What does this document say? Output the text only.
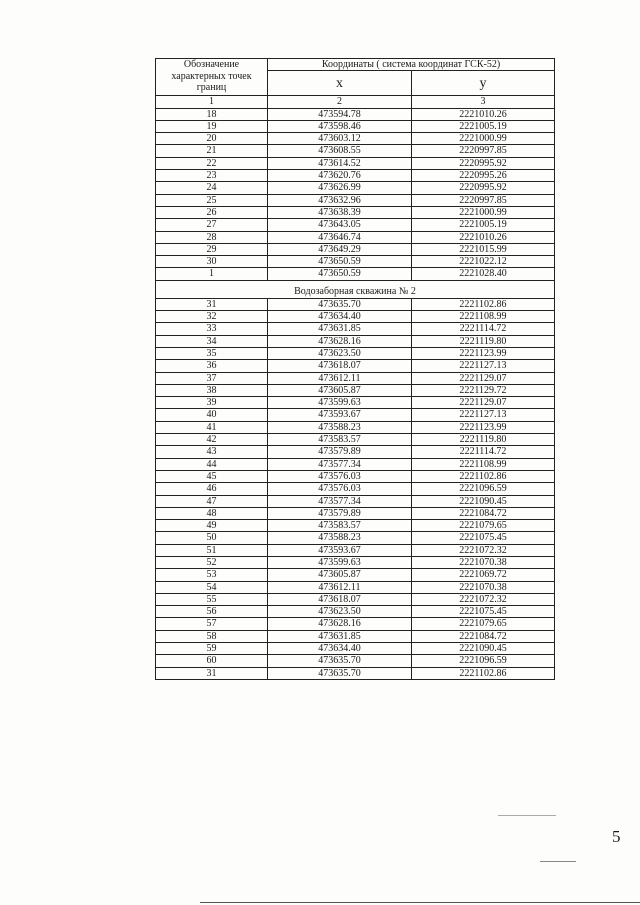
Обозначение характерных точек границ	Координаты ( система координат ГСК-52)	
	x	y
1	2	3
18	473594.78	2221010.26
19	473598.46	2221005.19
20	473603.12	2221000.99
21	473608.55	2220997.85
22	473614.52	2220995.92
23	473620.76	2220995.26
24	473626.99	2220995.92
25	473632.96	2220997.85
26	473638.39	2221000.99
27	473643.05	2221005.19
28	473646.74	2221010.26
29	473649.29	2221015.99
30	473650.59	2221022.12
1	473650.59	2221028.40
Водозаборная скважина № 2		
31	473635.70	2221102.86
32	473634.40	2221108.99
33	473631.85	2221114.72
34	473628.16	2221119.80
35	473623.50	2221123.99
36	473618.07	2221127.13
37	473612.11	2221129.07
38	473605.87	2221129.72
39	473599.63	2221129.07
40	473593.67	2221127.13
41	473588.23	2221123.99
42	473583.57	2221119.80
43	473579.89	2221114.72
44	473577.34	2221108.99
45	473576.03	2221102.86
46	473576.03	2221096.59
47	473577.34	2221090.45
48	473579.89	2221084.72
49	473583.57	2221079.65
50	473588.23	2221075.45
51	473593.67	2221072.32
52	473599.63	2221070.38
53	473605.87	2221069.72
54	473612.11	2221070.38
55	473618.07	2221072.32
56	473623.50	2221075.45
57	473628.16	2221079.65
58	473631.85	2221084.72
59	473634.40	2221090.45
60	473635.70	2221096.59
31	473635.70	2221102.86
5
